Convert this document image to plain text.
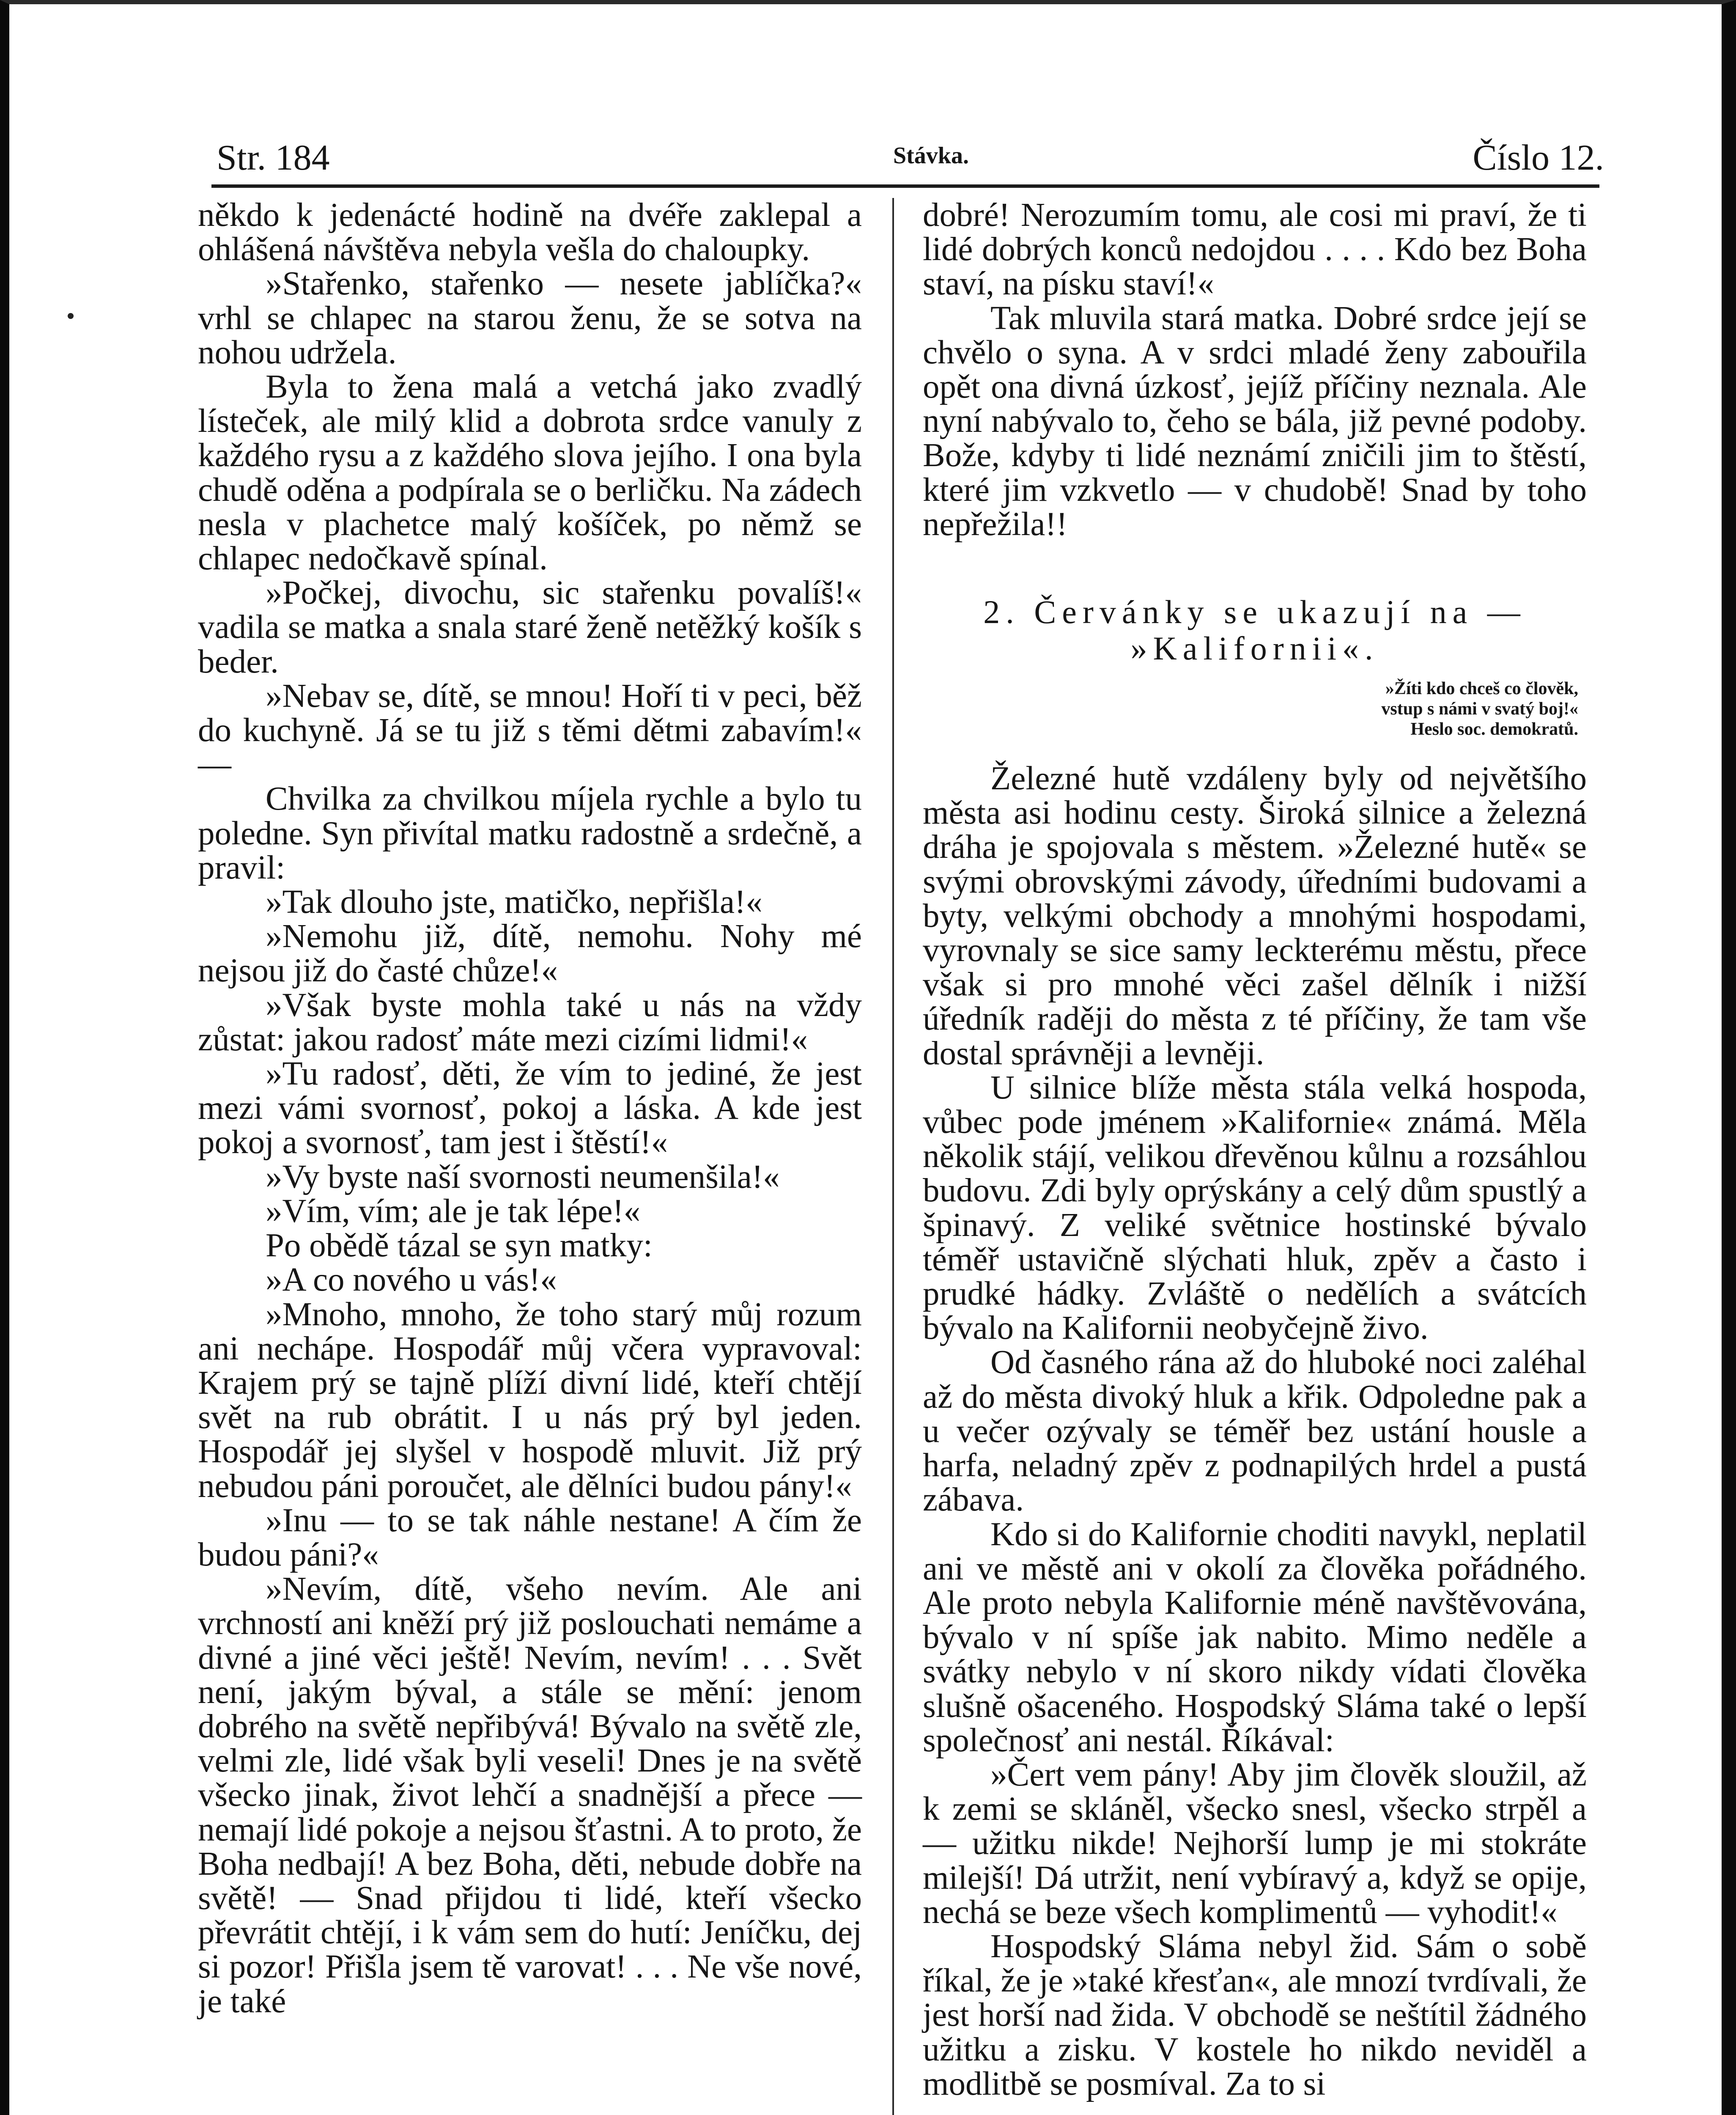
Str. 184	Stávka.	Číslo 12.

někdo k jedenácté hodině na dvéře zaklepal a ohlášená návštěva nebyla vešla do chaloupky.

»Stařenko, stařenko — nesete jablíčka?« vrhl se chlapec na starou ženu, že se sotva na nohou udržela.

Byla to žena malá a vetchá jako zvadlý lísteček, ale milý klid a dobrota srdce vanuly z každého rysu a z každého slova jejího. I ona byla chudě oděna a podpírala se o berličku. Na zádech nesla v plachetce malý košíček, po němž se chlapec nedočkavě spínal.

»Počkej, divochu, sic stařenku povalíš!« vadila se matka a snala staré ženě netěžký košík s beder.

»Nebav se, dítě, se mnou! Hoří ti v peci, běž do kuchyně. Já se tu již s těmi dětmi zabavím!« —

Chvilka za chvilkou míjela rychle a bylo tu poledne. Syn přivítal matku radostně a srdečně, a pravil:

»Tak dlouho jste, matičko, nepřišla!«

»Nemohu již, dítě, nemohu. Nohy mé nejsou již do časté chůze!«

»Však byste mohla také u nás na vždy zůstat: jakou radosť máte mezi cizími lidmi!«

»Tu radosť, děti, že vím to jediné, že jest mezi vámi svornosť, pokoj a láska. A kde jest pokoj a svornosť, tam jest i štěstí!«

»Vy byste naší svornosti neumenšila!«

»Vím, vím; ale je tak lépe!«

Po obědě tázal se syn matky:

»A co nového u vás!«

»Mnoho, mnoho, že toho starý můj rozum ani nechápe. Hospodář můj včera vypravoval: Krajem prý se tajně plíží divní lidé, kteří chtějí svět na rub obrátit. I u nás prý byl jeden. Hospodář jej slyšel v hospodě mluvit. Již prý nebudou páni poroučet, ale dělníci budou pány!«

»Inu — to se tak náhle nestane! A čím že budou páni?«

»Nevím, dítě, všeho nevím. Ale ani vrchností ani kněží prý již poslouchati nemáme a divné a jiné věci ještě! Nevím, nevím! . . . Svět není, jakým býval, a stále se mění: jenom dobrého na světě nepřibývá! Bývalo na světě zle, velmi zle, lidé však byli veseli! Dnes je na světě všecko jinak, život lehčí a snadnější a přece — nemají lidé pokoje a nejsou šťastni. A to proto, že Boha nedbají! A bez Boha, děti, nebude dobře na světě! — Snad přijdou ti lidé, kteří všecko převrátit chtějí, i k vám sem do hutí: Jeníčku, dej si pozor! Přišla jsem tě varovat! . . . Ne vše nové, je také

dobré! Nerozumím tomu, ale cosi mi praví, že ti lidé dobrých konců nedojdou . . . . Kdo bez Boha staví, na písku staví!«

Tak mluvila stará matka. Dobré srdce její se chvělo o syna. A v srdci mladé ženy zabouřila opět ona divná úzkosť, jejíž příčiny neznala. Ale nyní nabývalo to, čeho se bála, již pevné podoby. Bože, kdyby ti lidé neznámí zničili jim to štěstí, které jim vzkvetlo — v chudobě! Snad by toho nepřežila!!

2. Červánky se ukazují na —
»Kalifornii«.
»Žíti kdo chceš co člověk,
vstup s námi v svatý boj!«
Heslo soc. demokratů.

Železné hutě vzdáleny byly od největšího města asi hodinu cesty. Široká silnice a železná dráha je spojovala s městem. »Železné hutě« se svými obrovskými závody, úředními budovami a byty, velkými obchody a mnohými hospodami, vyrovnaly se sice samy leckterému městu, přece však si pro mnohé věci zašel dělník i nižší úředník raději do města z té příčiny, že tam vše dostal správněji a levněji.

U silnice blíže města stála velká hospoda, vůbec pode jménem »Kalifornie« známá. Měla několik stájí, velikou dřevěnou kůlnu a rozsáhlou budovu. Zdi byly oprýskány a celý dům spustlý a špinavý. Z veliké světnice hostinské bývalo téměř ustavičně slýchati hluk, zpěv a často i prudké hádky. Zvláště o nedělích a svátcích bývalo na Kalifornii neobyčejně živo.

Od časného rána až do hluboké noci zaléhal až do města divoký hluk a křik. Odpoledne pak a u večer ozývaly se téměř bez ustání housle a harfa, neladný zpěv z podnapilých hrdel a pustá zábava.

Kdo si do Kalifornie choditi navykl, neplatil ani ve městě ani v okolí za člověka pořádného. Ale proto nebyla Kalifornie méně navštěvována, bývalo v ní spíše jak nabito. Mimo neděle a svátky nebylo v ní skoro nikdy vídati člověka slušně ošaceného. Hospodský Sláma také o lepší společnosť ani nestál. Říkával:

»Čert vem pány! Aby jim člověk sloužil, až k zemi se skláněl, všecko snesl, všecko strpěl a — užitku nikde! Nejhorší lump je mi stokráte milejší! Dá utržit, není vybíravý a, když se opije, nechá se beze všech komplimentů — vyhodit!«

Hospodský Sláma nebyl žid. Sám o sobě říkal, že je »také křesťan«, ale mnozí tvrdívali, že jest horší nad žida. V obchodě se neštítil žádného užitku a zisku. V kostele ho nikdo neviděl a modlitbě se posmíval. Za to si
